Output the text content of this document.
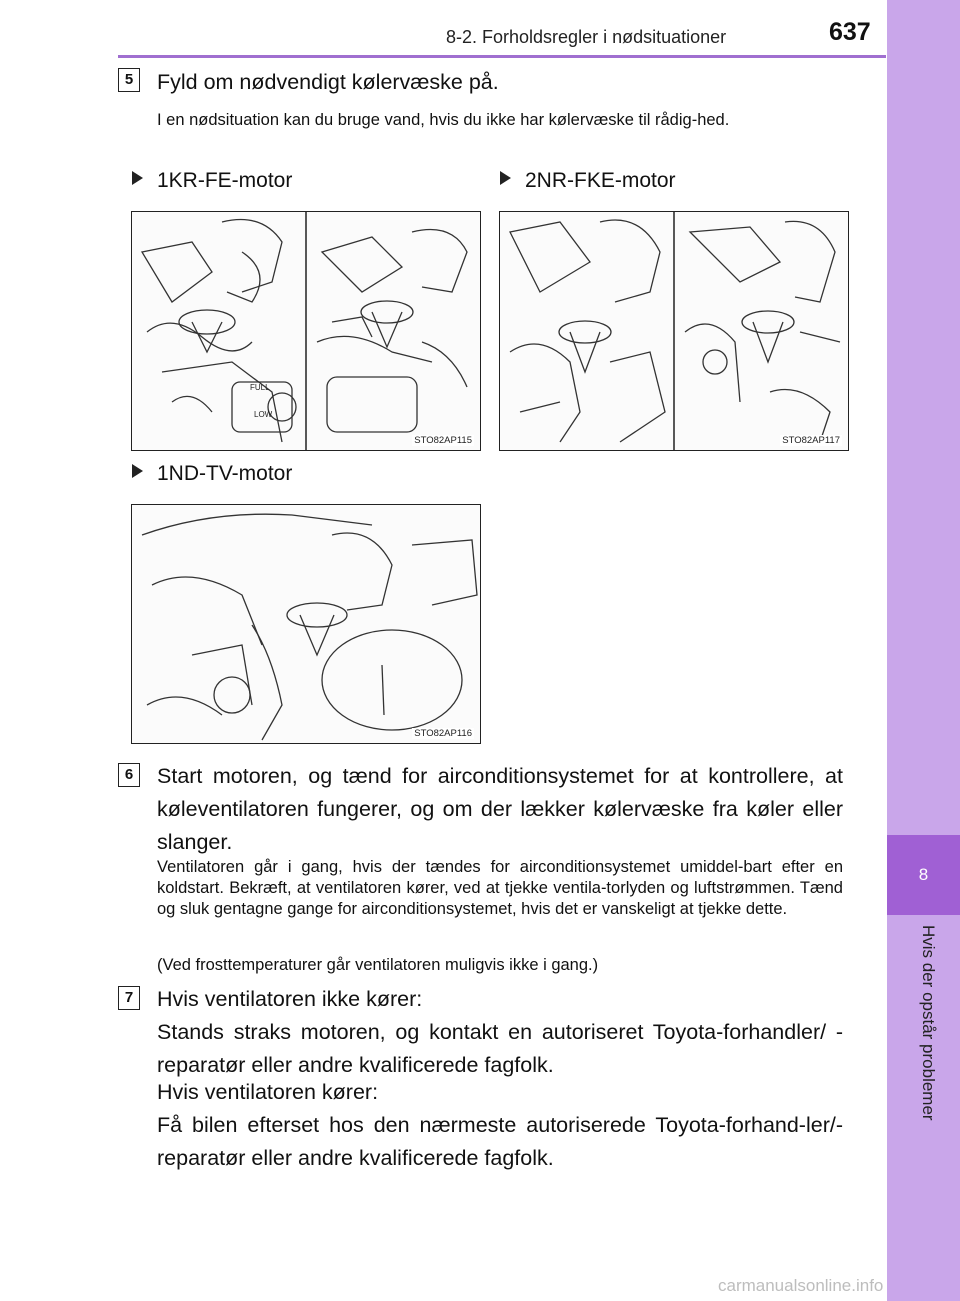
8-2. Forholdsregler i nødsituationer	637
8
Hvis der opstår problemer
5	Fyld om nødvendigt kølervæske på.
I en nødsituation kan du bruge vand, hvis du ikke har kølervæske til rådig-hed.
1KR-FE-motor	2NR-FKE-motor
FULL
LOW
STO82AP115	STO82AP117
1ND-TV-motor
STO82AP116
6	Start motoren, og tænd for airconditionsystemet for at kontrollere, at køleventilatoren fungerer, og om der lækker kølervæske fra køler eller slanger.
Ventilatoren går i gang, hvis der tændes for airconditionsystemet umiddel-bart efter en koldstart. Bekræft, at ventilatoren kører, ved at tjekke ventila-torlyden og luftstrømmen. Tænd og sluk gentagne gange for airconditionsystemet, hvis det er vanskeligt at tjekke dette.
(Ved frosttemperaturer går ventilatoren muligvis ikke i gang.)
7	Hvis ventilatoren ikke kører:
Stands straks motoren, og kontakt en autoriseret Toyota-forhandler/ -reparatør eller andre kvalificerede fagfolk.
Hvis ventilatoren kører:
Få bilen efterset hos den nærmeste autoriserede Toyota-forhand-ler/-reparatør eller andre kvalificerede fagfolk.
carmanualsonline.info
